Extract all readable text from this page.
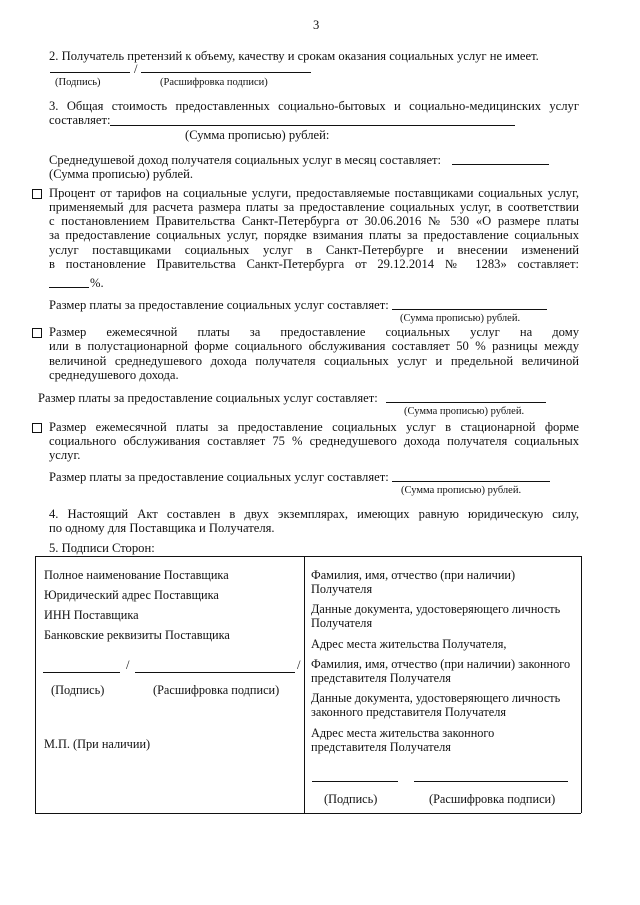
3
2. Получатель претензий к объему, качеству и срокам оказания социальных услуг не имеет.
/
(Подпись)	(Расшифровка подписи)
3. Общая стоимость предоставленных социально-бытовых и социально-медицинских услуг
составляет:
(Сумма прописью) рублей:
Среднедушевой доход получателя социальных услуг в месяц составляет:
(Сумма прописью) рублей.
Процент от тарифов на социальные услуги, предоставляемые поставщиками социальных услуг,
применяемый для расчета размера платы за предоставление социальных услуг, в соответствии
с постановлением Правительства Санкт-Петербурга от 30.06.2016 № 530 «О размере платы
за предоставление социальных услуг, порядке взимания платы за предоставление социальных
услуг поставщиками социальных услуг в Санкт-Петербурге и внесении изменений
в постановление Правительства Санкт-Петербурга от 29.12.2014 № 1283» составляет:
%.
Размер платы за предоставление социальных услуг составляет:
(Сумма прописью) рублей.
Размер ежемесячной платы за предоставление социальных услуг на дому
или в полустационарной форме социального обслуживания составляет 50 % разницы между
величиной среднедушевого дохода получателя социальных услуг и предельной величиной
среднедушевого дохода.
Размер платы за предоставление социальных услуг составляет:
(Сумма прописью) рублей.
Размер ежемесячной платы за предоставление социальных услуг в стационарной форме
социального обслуживания составляет 75 % среднедушевого дохода получателя социальных
услуг.
Размер платы за предоставление социальных услуг составляет:
(Сумма прописью) рублей.
4. Настоящий Акт составлен в двух экземплярах, имеющих равную юридическую силу,
по одному для Поставщика и Получателя.
5. Подписи Сторон:
Полное наименование Поставщика
Юридический адрес Поставщика
ИНН Поставщика
Банковские реквизиты Поставщика
/	/
(Подпись)	(Расшифровка подписи)
М.П. (При наличии)
Фамилия, имя, отчество (при наличии)
Получателя
Данные документа, удостоверяющего личность
Получателя
Адрес места жительства Получателя,
Фамилия, имя, отчество (при наличии) законного
представителя Получателя
Данные документа, удостоверяющего личность
законного представителя Получателя
Адрес места жительства законного
представителя Получателя
(Подпись)	(Расшифровка подписи)
